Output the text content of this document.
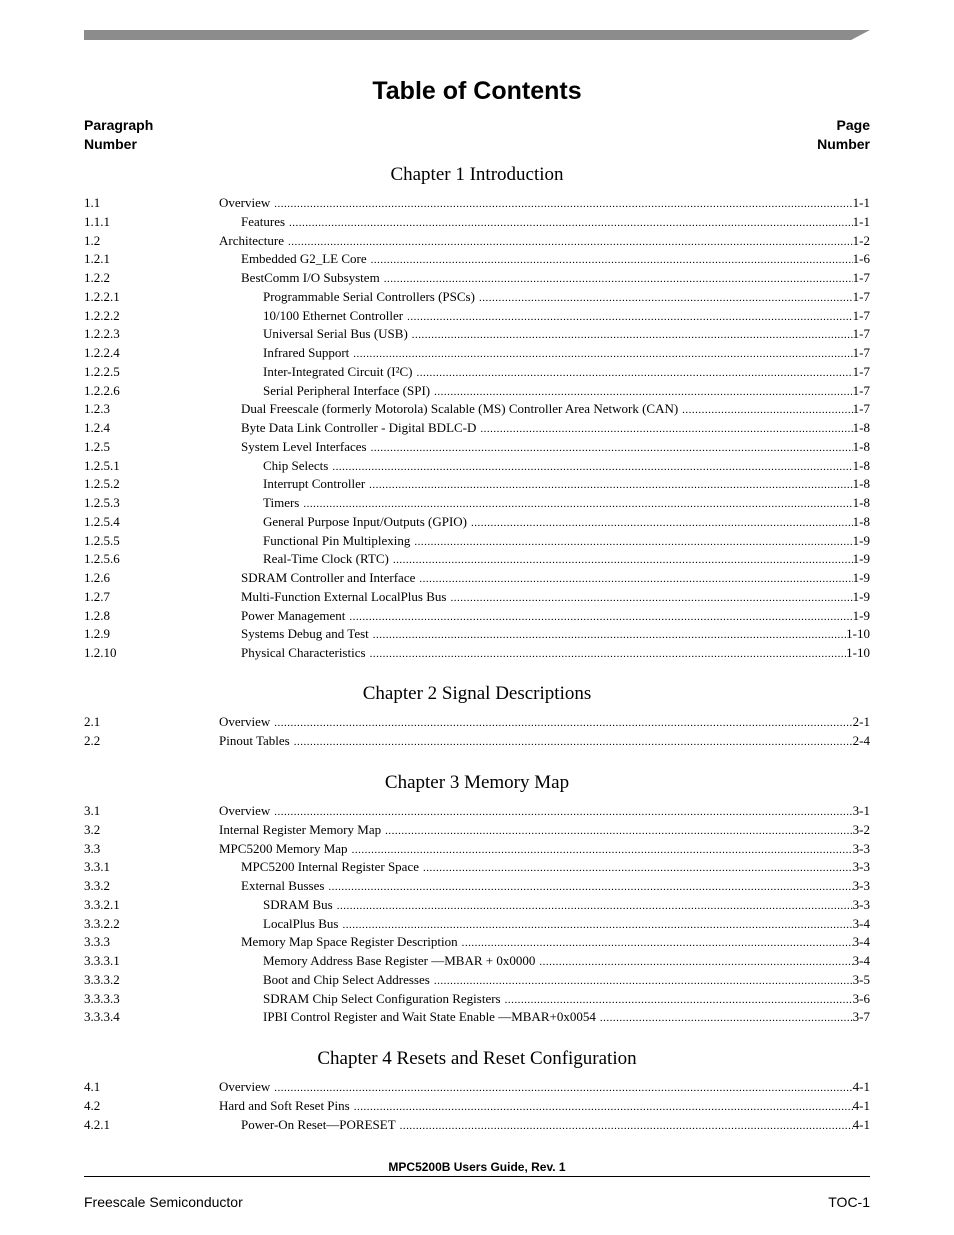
Table of Contents
Paragraph
Number
Page
Number
Chapter 1 Introduction
1.1	Overview .....	1-1
1.1.1	Features .....	1-1
1.2	Architecture .....	1-2
1.2.1	Embedded G2_LE Core .....	1-6
1.2.2	BestComm I/O Subsystem .....	1-7
1.2.2.1	Programmable Serial Controllers (PSCs) .....	1-7
1.2.2.2	10/100 Ethernet Controller .....	1-7
1.2.2.3	Universal Serial Bus (USB) .....	1-7
1.2.2.4	Infrared Support .....	1-7
1.2.2.5	Inter-Integrated Circuit (I²C) .....	1-7
1.2.2.6	Serial Peripheral Interface (SPI) .....	1-7
1.2.3	Dual Freescale (formerly Motorola) Scalable (MS) Controller Area Network (CAN) .....	1-7
1.2.4	Byte Data Link Controller - Digital BDLC-D .....	1-8
1.2.5	System Level Interfaces .....	1-8
1.2.5.1	Chip Selects .....	1-8
1.2.5.2	Interrupt Controller .....	1-8
1.2.5.3	Timers .....	1-8
1.2.5.4	General Purpose Input/Outputs (GPIO) .....	1-8
1.2.5.5	Functional Pin Multiplexing .....	1-9
1.2.5.6	Real-Time Clock (RTC) .....	1-9
1.2.6	SDRAM Controller and Interface .....	1-9
1.2.7	Multi-Function External LocalPlus Bus .....	1-9
1.2.8	Power Management .....	1-9
1.2.9	Systems Debug and Test .....	1-10
1.2.10	Physical Characteristics .....	1-10
Chapter 2 Signal Descriptions
2.1	Overview .....	2-1
2.2	Pinout Tables .....	2-4
Chapter 3 Memory Map
3.1	Overview .....	3-1
3.2	Internal Register Memory Map .....	3-2
3.3	MPC5200 Memory Map .....	3-3
3.3.1	MPC5200 Internal Register Space .....	3-3
3.3.2	External Busses .....	3-3
3.3.2.1	SDRAM Bus .....	3-3
3.3.2.2	LocalPlus Bus .....	3-4
3.3.3	Memory Map Space Register Description .....	3-4
3.3.3.1	Memory Address Base Register —MBAR + 0x0000 .....	3-4
3.3.3.2	Boot and Chip Select Addresses .....	3-5
3.3.3.3	SDRAM Chip Select Configuration Registers .....	3-6
3.3.3.4	IPBI Control Register and Wait State Enable —MBAR+0x0054 .....	3-7
Chapter 4 Resets and Reset Configuration
4.1	Overview .....	4-1
4.2	Hard and Soft Reset Pins .....	4-1
4.2.1	Power-On Reset—PORESET .....	4-1
MPC5200B Users Guide, Rev. 1
Freescale Semiconductor	TOC-1
